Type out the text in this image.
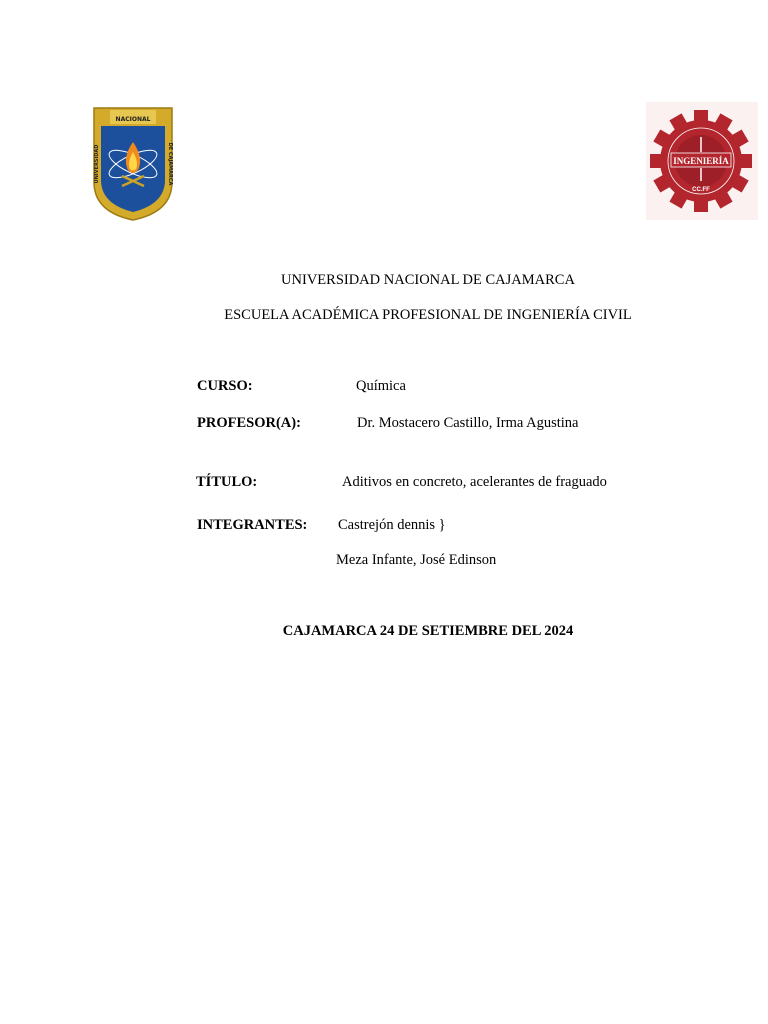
NACIONAL
UNIVERSIDAD	DE CAJAMARCA	INGENIERÍA
CC.FF
UNIVERSIDAD NACIONAL DE CAJAMARCA
ESCUELA ACADÉMICA PROFESIONAL DE INGENIERÍA CIVIL
CURSO:	Química
PROFESOR(A):	Dr. Mostacero Castillo, Irma Agustina
TÍTULO:	Aditivos en concreto, acelerantes de fraguado
INTEGRANTES: Castrejón dennis }
Meza Infante, José Edinson
CAJAMARCA 24 DE SETIEMBRE DEL 2024
